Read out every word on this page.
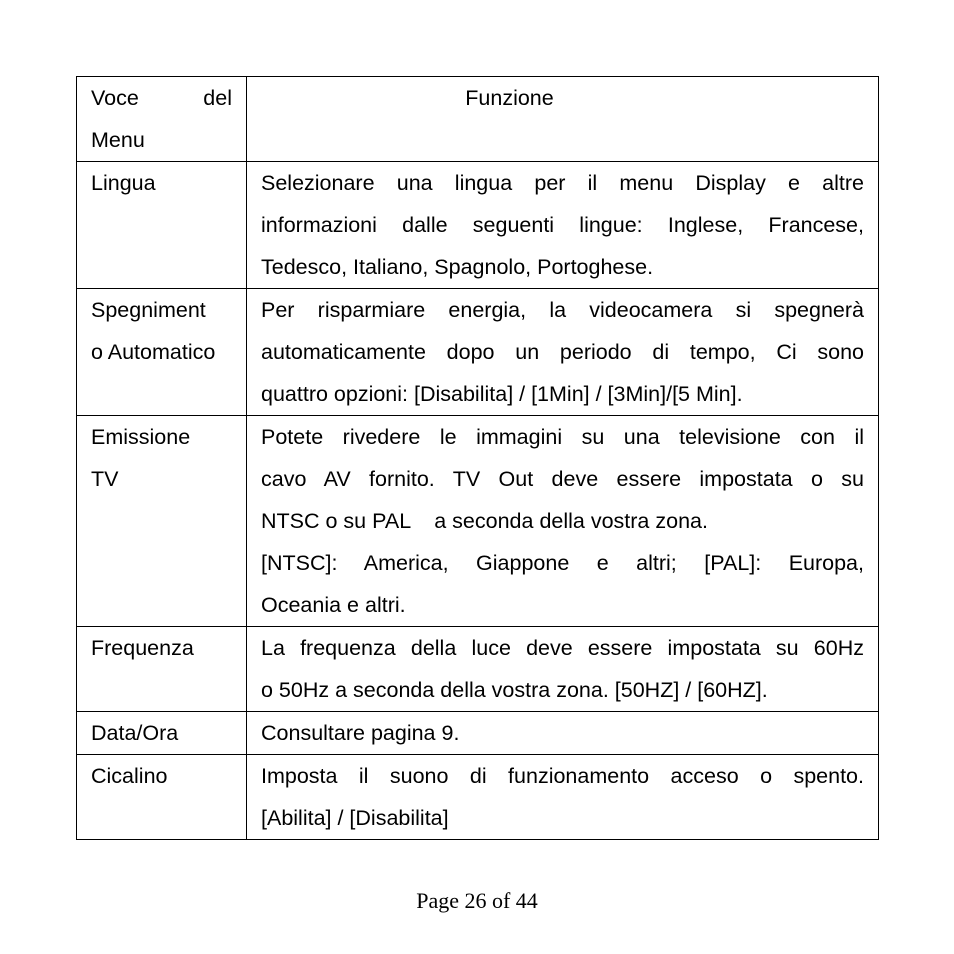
Voce del
Menu	Funzione

Lingua	Selezionare una lingua per il menu Display e altre
informazioni dalle seguenti lingue: Inglese, Francese,
Tedesco, Italiano, Spagnolo, Portoghese.

Spegniment
o Automatico	Per risparmiare energia, la videocamera si spegnerà
automaticamente dopo un periodo di tempo, Ci sono
quattro opzioni: [Disabilita] / [1Min] / [3Min]/[5 Min].

Emissione
TV	Potete rivedere le immagini su una televisione con il
cavo AV fornito. TV Out deve essere impostata o su
NTSC o su PAL    a seconda della vostra zona.
[NTSC]: America, Giappone e altri; [PAL]: Europa,
Oceania e altri.

Frequenza	La frequenza della luce deve essere impostata su 60Hz
o 50Hz a seconda della vostra zona. [50HZ] / [60HZ].

Data/Ora	Consultare pagina 9.

Cicalino	Imposta il suono di funzionamento acceso o spento.
[Abilita] / [Disabilita]
Page 26 of 44
